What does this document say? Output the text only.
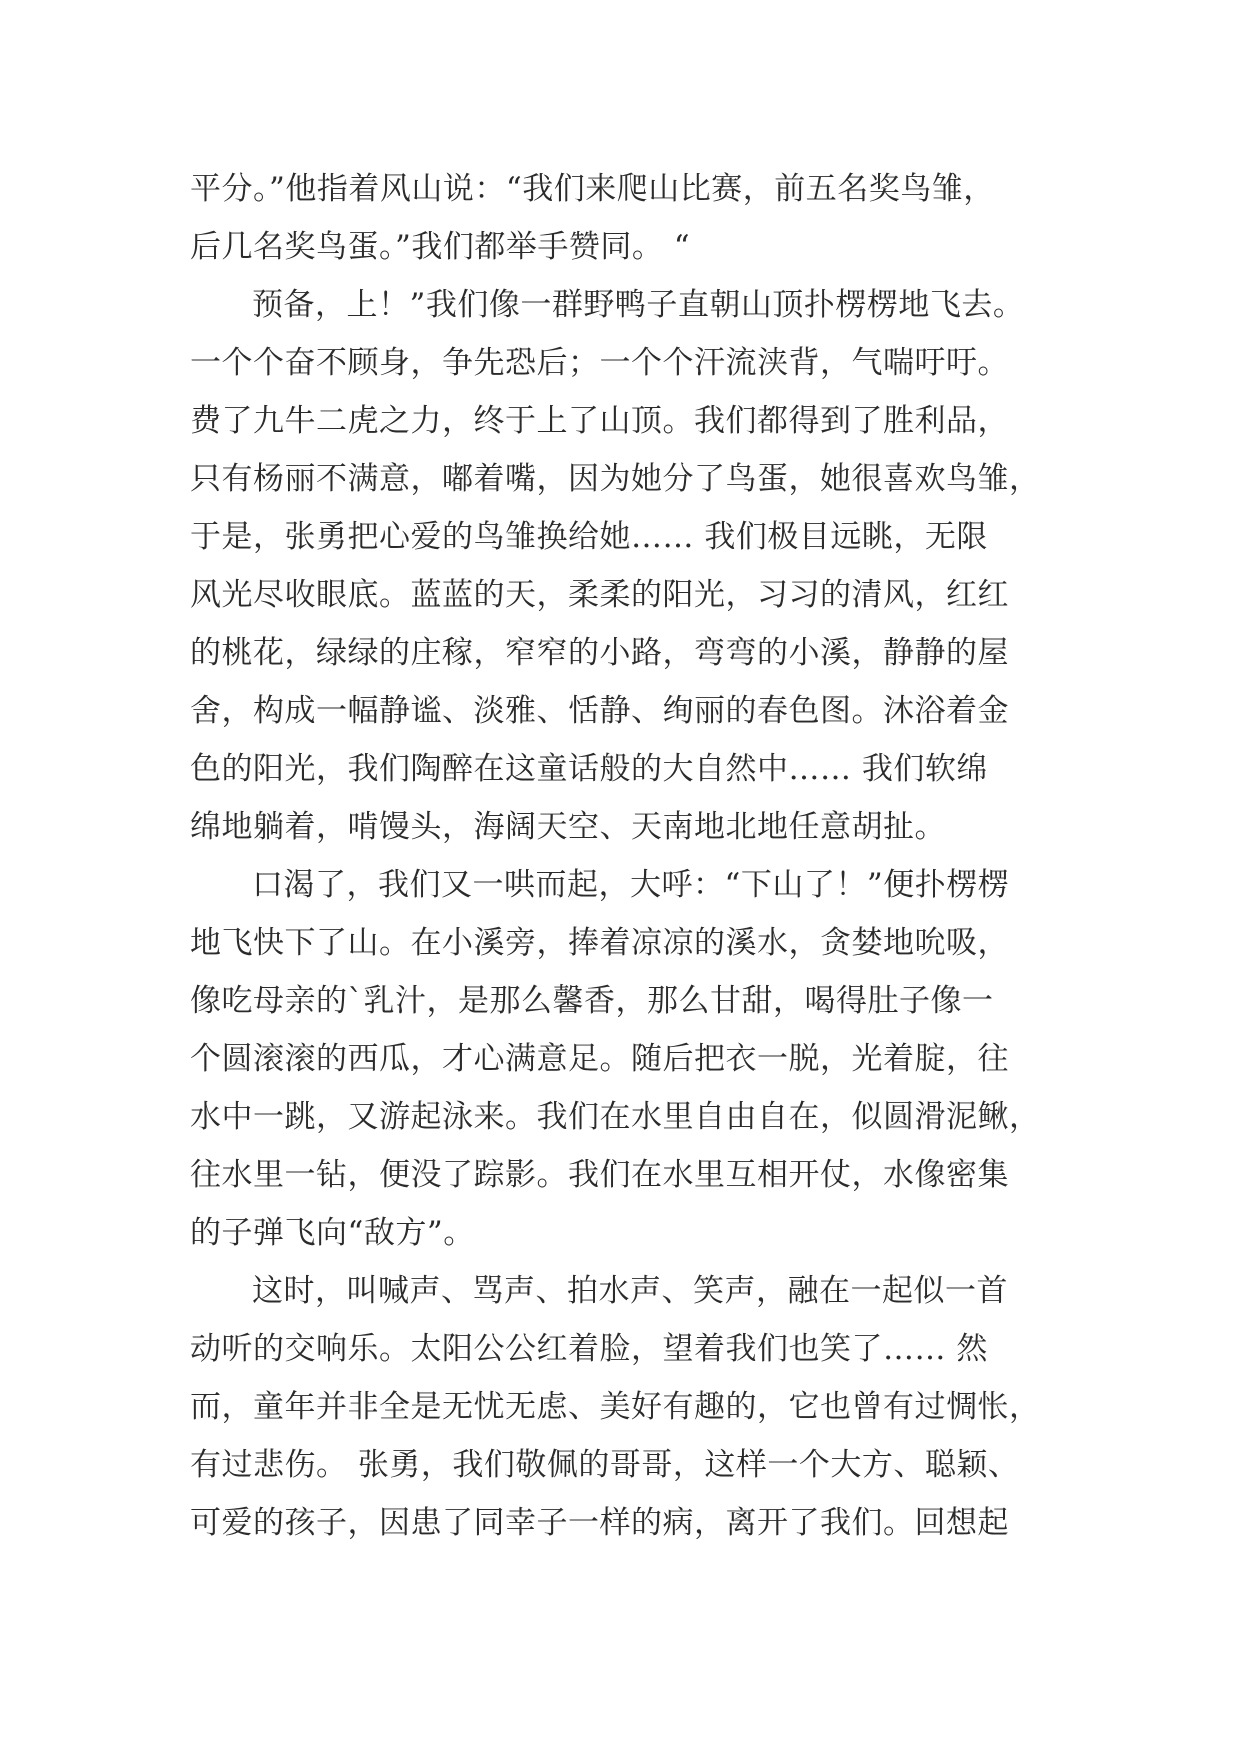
平分。”他指着风山说：“我们来爬山比赛，前五名奖鸟雏，
后几名奖鸟蛋。”我们都举手赞同。 “
预备，上！”我们像一群野鸭子直朝山顶扑楞楞地飞去。
一个个奋不顾身，争先恐后；一个个汗流浃背，气喘吁吁。
费了九牛二虎之力，终于上了山顶。我们都得到了胜利品，
只有杨丽不满意，嘟着嘴，因为她分了鸟蛋，她很喜欢鸟雏，
于是，张勇把心爱的鸟雏换给她…… 我们极目远眺，无限
风光尽收眼底。蓝蓝的天，柔柔的阳光，习习的清风，红红
的桃花，绿绿的庄稼，窄窄的小路，弯弯的小溪，静静的屋
舍，构成一幅静谧、淡雅、恬静、绚丽的春色图。沐浴着金
色的阳光，我们陶醉在这童话般的大自然中…… 我们软绵
绵地躺着，啃馒头，海阔天空、天南地北地任意胡扯。
口渴了，我们又一哄而起，大呼：“下山了！”便扑楞楞
地飞快下了山。在小溪旁，捧着凉凉的溪水，贪婪地吮吸，
像吃母亲的`乳汁，是那么馨香，那么甘甜，喝得肚子像一
个圆滚滚的西瓜，才心满意足。随后把衣一脱，光着腚，往
水中一跳，又游起泳来。我们在水里自由自在，似圆滑泥鳅，
往水里一钻，便没了踪影。我们在水里互相开仗，水像密集
的子弹飞向“敌方”。
这时，叫喊声、骂声、拍水声、笑声，融在一起似一首
动听的交响乐。太阳公公红着脸，望着我们也笑了…… 然
而，童年并非全是无忧无虑、美好有趣的，它也曾有过惆怅，
有过悲伤。 张勇，我们敬佩的哥哥，这样一个大方、聪颖、
可爱的孩子，因患了同幸子一样的病，离开了我们。回想起
